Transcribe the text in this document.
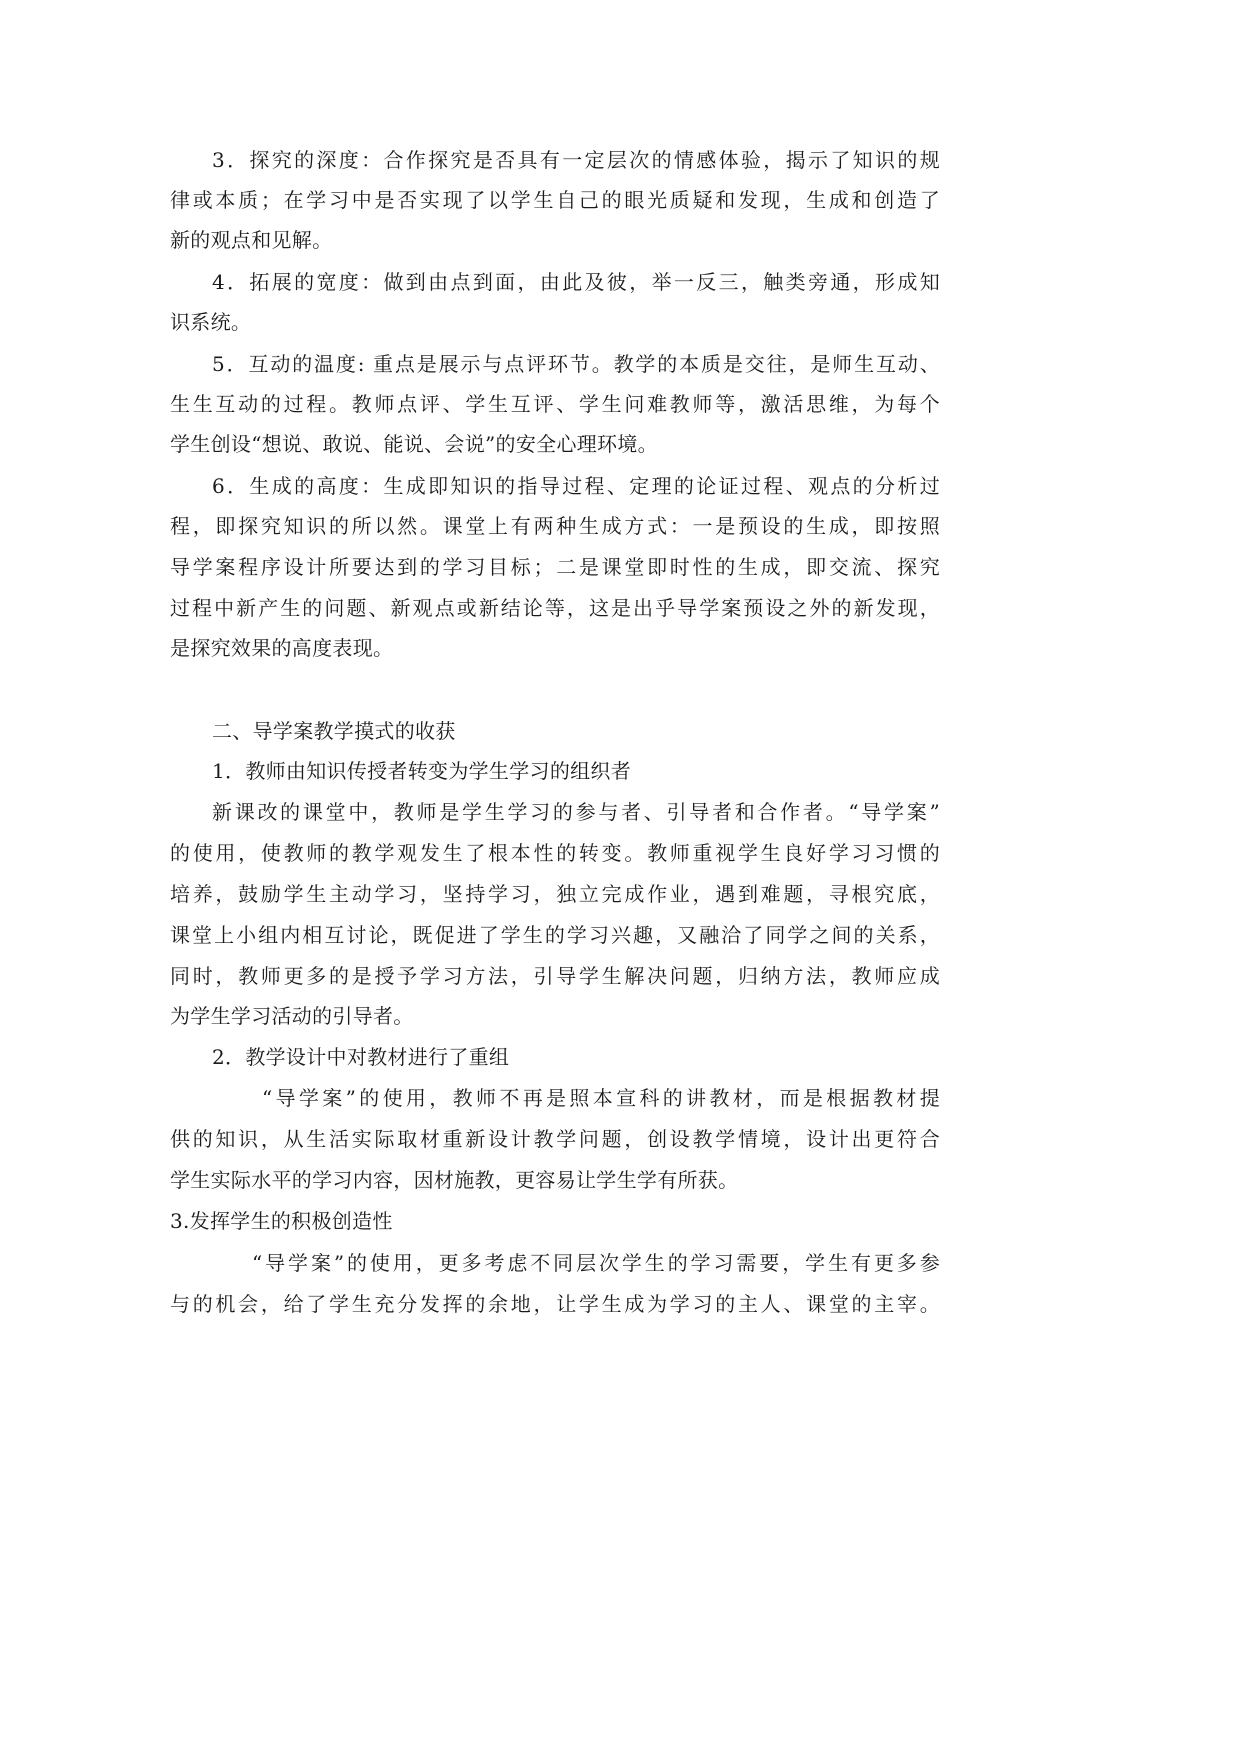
3．探究的深度：合作探究是否具有一定层次的情感体验，揭示了知识的规
律或本质；在学习中是否实现了以学生自己的眼光质疑和发现，生成和创造了
新的观点和见解。
4．拓展的宽度：做到由点到面，由此及彼，举一反三，触类旁通，形成知
识系统。
5．互动的温度: 重点是展示与点评环节。教学的本质是交往，是师生互动、
生生互动的过程。教师点评、学生互评、学生问难教师等，激活思维，为每个
学生创设“想说、敢说、能说、会说”的安全心理环境。
6．生成的高度：生成即知识的指导过程、定理的论证过程、观点的分析过
程，即探究知识的所以然。课堂上有两种生成方式：一是预设的生成，即按照
导学案程序设计所要达到的学习目标；二是课堂即时性的生成，即交流、探究
过程中新产生的问题、新观点或新结论等，这是出乎导学案预设之外的新发现，
是探究效果的高度表现。
二、导学案教学摸式的收获
1．教师由知识传授者转变为学生学习的组织者
新课改的课堂中，教师是学生学习的参与者、引导者和合作者。“导学案”
的使用，使教师的教学观发生了根本性的转变。教师重视学生良好学习习惯的
培养，鼓励学生主动学习，坚持学习，独立完成作业，遇到难题，寻根究底，
课堂上小组内相互讨论，既促进了学生的学习兴趣，又融洽了同学之间的关系，
同时，教师更多的是授予学习方法，引导学生解决问题，归纳方法，教师应成
为学生学习活动的引导者。
2．教学设计中对教材进行了重组
“导学案”的使用，教师不再是照本宣科的讲教材，而是根据教材提
供的知识，从生活实际取材重新设计教学问题，创设教学情境，设计出更符合
学生实际水平的学习内容，因材施教，更容易让学生学有所获。
3.发挥学生的积极创造性
“导学案”的使用，更多考虑不同层次学生的学习需要，学生有更多参
与的机会，给了学生充分发挥的余地，让学生成为学习的主人、课堂的主宰。
